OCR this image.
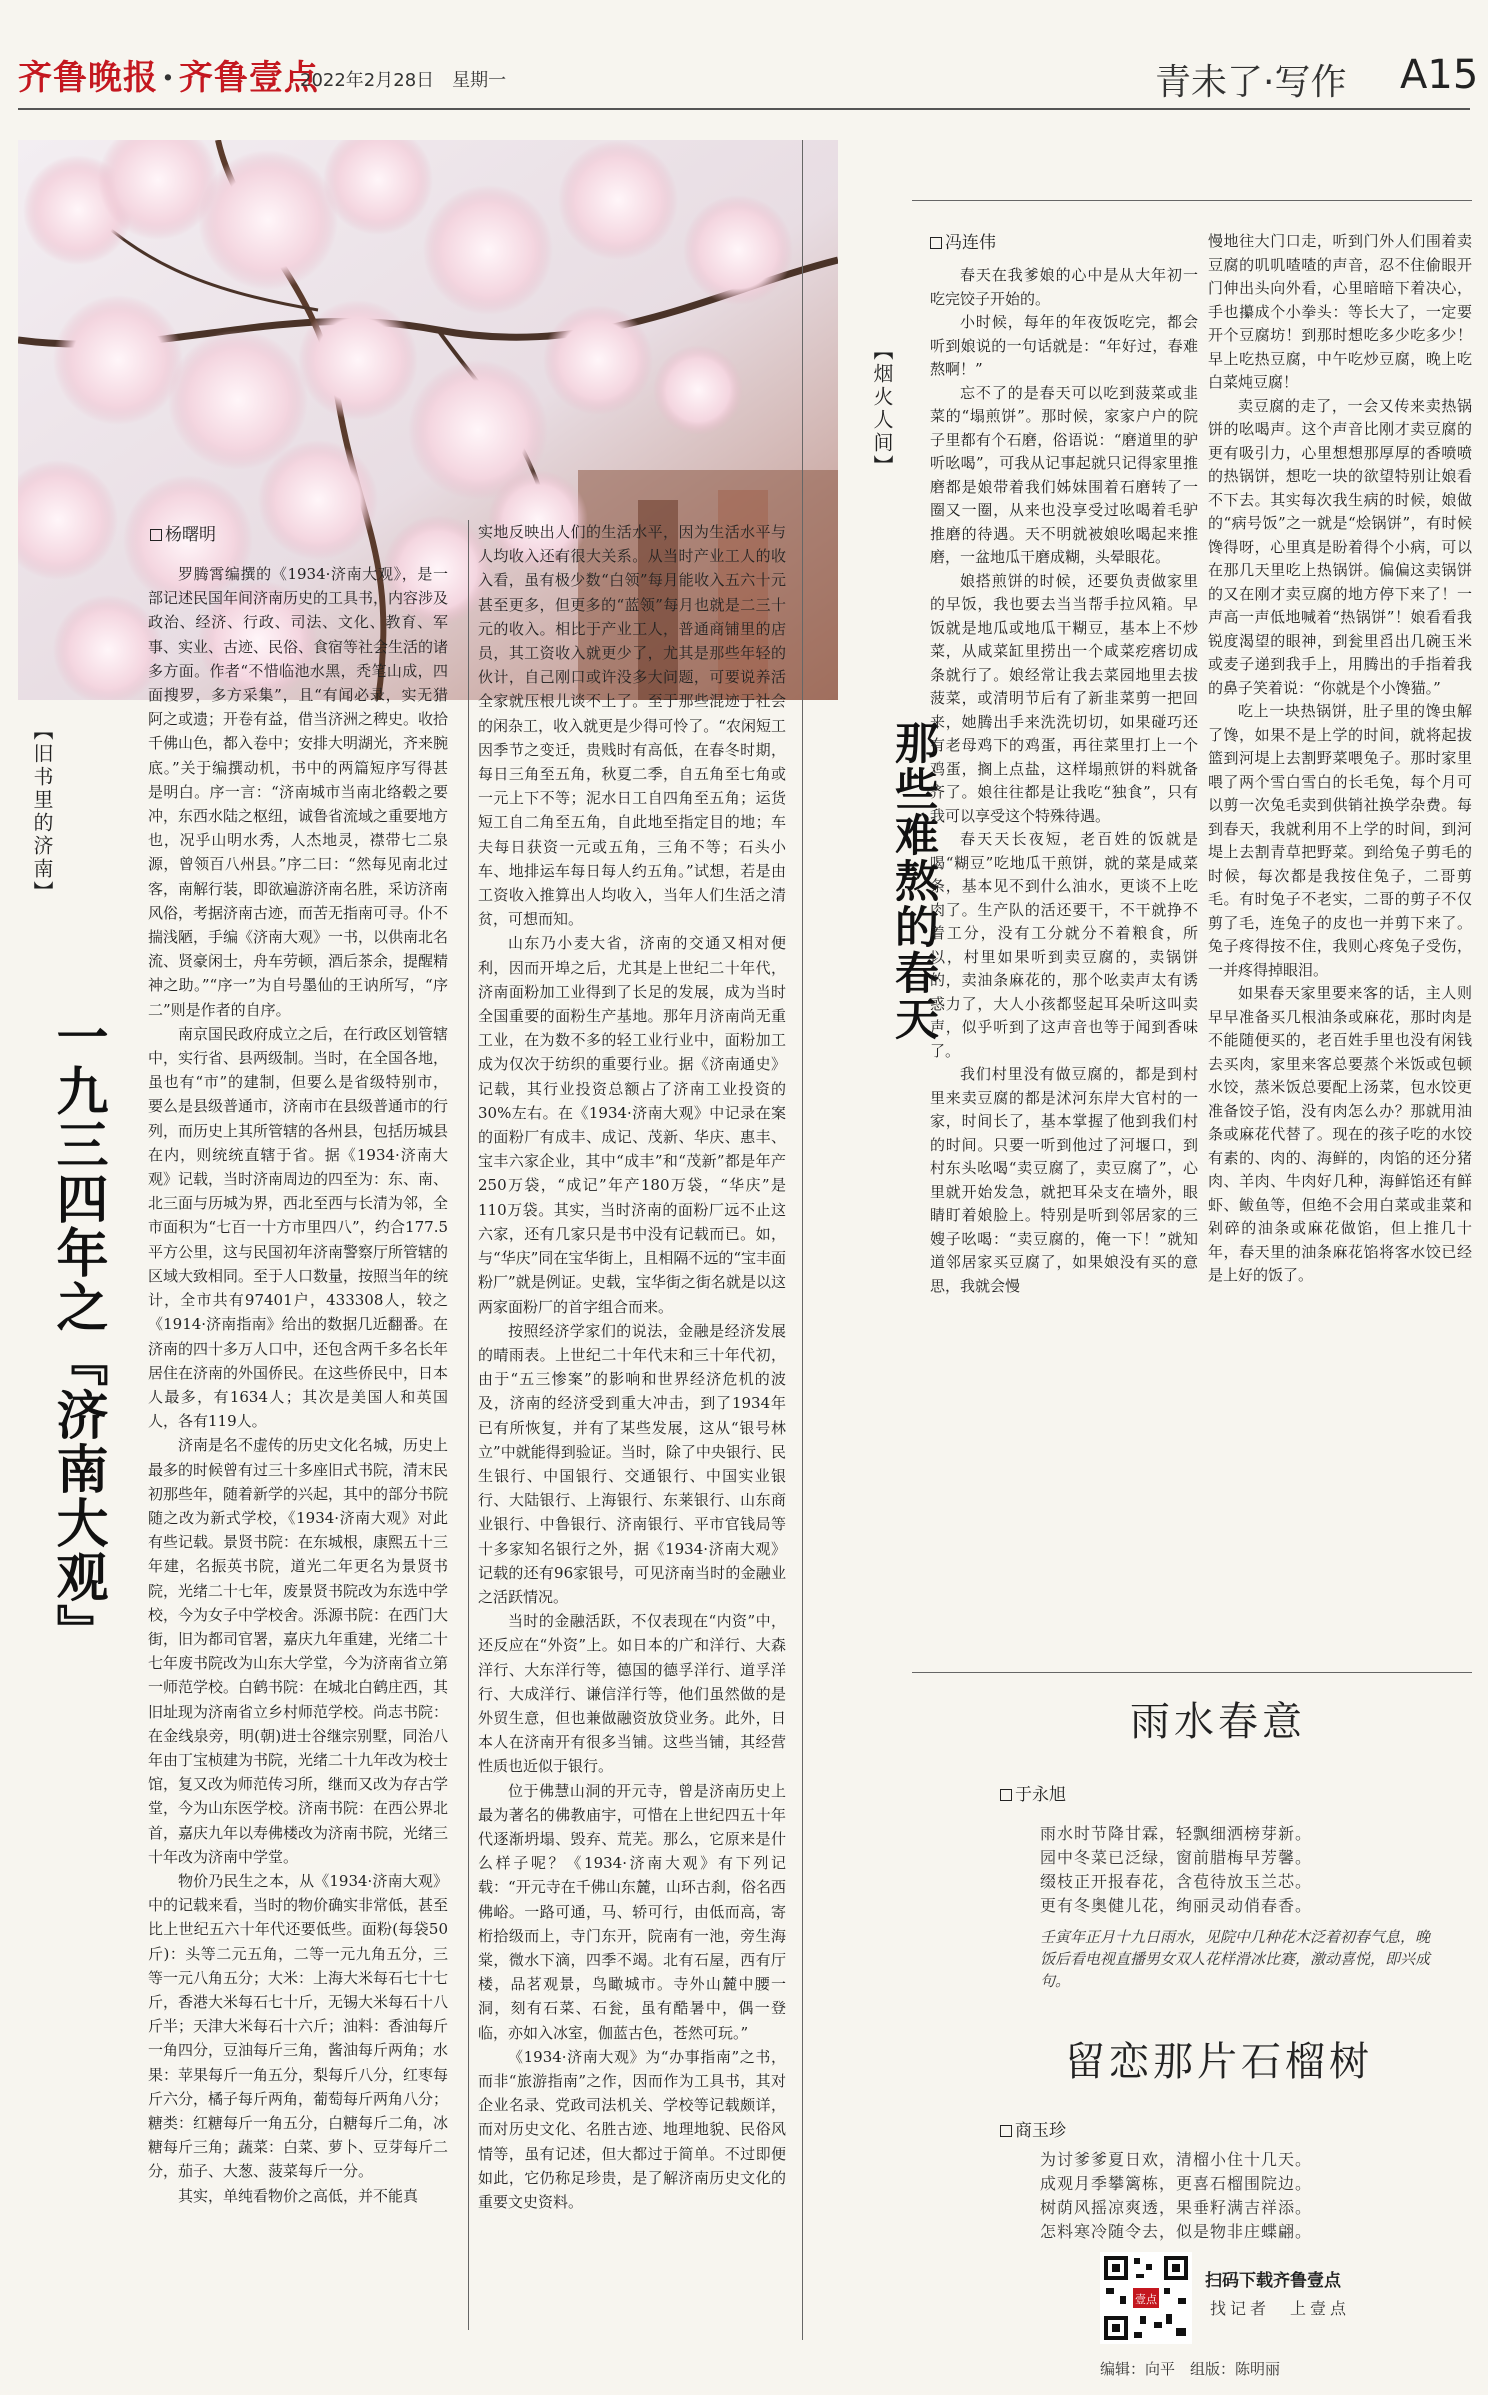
齐鲁晚报 · 齐鲁壹点
2022年2月28日　星期一	青未了·写作 A15
【旧书里的济南】
一九三四年之『济南大观』
杨曙明

罗腾霄编撰的《1934·济南大观》，是一部记述民国年间济南历史的工具书，内容涉及政治、经济、行政、司法、文化、教育、军事、实业、古迹、民俗、食宿等社会生活的诸多方面。作者“不惜临池水黑，秃笔山成，四面搜罗，多方采集”，且“有闻必录，实无猎阿之或遗；开卷有益，借当济洲之稗史。收拾千佛山色，都入卷中；安排大明湖光，齐来腕底。”关于编撰动机，书中的两篇短序写得甚是明白。序一言：“济南城市当南北络毂之要冲，东西水陆之枢纽，诚鲁省流域之重要地方也，况乎山明水秀，人杰地灵，襟带七二泉源，曾领百八州县。”序二曰：“然每见南北过客，南解行装，即欲遍游济南名胜，采访济南风俗，考据济南古迹，而苦无指南可寻。仆不揣浅陋，手编《济南大观》一书，以供南北名流、贤豪闲士，舟车劳顿，酒后茶余，提醒精神之助。”“序一”为自号墨仙的王讷所写，“序二”则是作者的自序。

南京国民政府成立之后，在行政区划管辖中，实行省、县两级制。当时，在全国各地，虽也有“市”的建制，但要么是省级特别市，要么是县级普通市，济南市在县级普通市的行列，而历史上其所管辖的各州县，包括历城县在内，则统统直辖于省。据《1934·济南大观》记载，当时济南周边的四至为：东、南、北三面与历城为界，西北至西与长清为邻，全市面积为“七百一十方市里四八”，约合177.5平方公里，这与民国初年济南警察厅所管辖的区域大致相同。至于人口数量，按照当年的统计，全市共有97401户，433308人，较之《1914·济南指南》给出的数据几近翻番。在济南的四十多万人口中，还包含两千多名长年居住在济南的外国侨民。在这些侨民中，日本人最多，有1634人；其次是美国人和英国人，各有119人。

济南是名不虚传的历史文化名城，历史上最多的时候曾有过三十多座旧式书院，清末民初那些年，随着新学的兴起，其中的部分书院随之改为新式学校，《1934·济南大观》对此有些记载。景贤书院：在东城根，康熙五十三年建，名振英书院，道光二年更名为景贤书院，光绪二十七年，废景贤书院改为东选中学校，今为女子中学校舍。泺源书院：在西门大街，旧为都司官署，嘉庆九年重建，光绪二十七年废书院改为山东大学堂，今为济南省立第一师范学校。白鹤书院：在城北白鹤庄西，其旧址现为济南省立乡村师范学校。尚志书院：在金线泉旁，明(朝)进士谷继宗别墅，同治八年由丁宝桢建为书院，光绪二十九年改为校士馆，复又改为师范传习所，继而又改为存古学堂，今为山东医学校。济南书院：在西公界北首，嘉庆九年以寿佛楼改为济南书院，光绪三十年改为济南中学堂。

物价乃民生之本，从《1934·济南大观》中的记载来看，当时的物价确实非常低，甚至比上世纪五六十年代还要低些。面粉(每袋50斤)：头等二元五角，二等一元九角五分，三等一元八角五分；大米：上海大米每石七十七斤，香港大米每石七十斤，无锡大米每石十八斤半；天津大米每石十六斤；油料：香油每斤一角四分，豆油每斤三角，酱油每斤两角；水果：苹果每斤一角五分，梨每斤八分，红枣每斤六分，橘子每斤两角，葡萄每斤两角八分；糖类：红糖每斤一角五分，白糖每斤二角，冰糖每斤三角；蔬菜：白菜、萝卜、豆芽每斤二分，茄子、大葱、菠菜每斤一分。

其实，单纯看物价之高低，并不能真

实地反映出人们的生活水平，因为生活水平与人均收入还有很大关系。从当时产业工人的收入看，虽有极少数“白领”每月能收入五六十元甚至更多，但更多的“蓝领”每月也就是二三十元的收入。相比于产业工人，普通商铺里的店员，其工资收入就更少了，尤其是那些年轻的伙计，自己刚口或许没多大问题，可要说养活全家就压根儿谈不上了。至于那些混迹于社会的闲杂工，收入就更是少得可怜了。“农闲短工因季节之变迁，贵贱时有高低，在春冬时期，每日三角至五角，秋夏二季，自五角至七角或一元上下不等；泥水日工自四角至五角；运货短工自二角至五角，自此地至指定目的地；车夫每日获资一元或五角，三角不等；石头小车、地排运车每日每人约五角。”试想，若是由工资收入推算出人均收入，当年人们生活之清贫，可想而知。

山东乃小麦大省，济南的交通又相对便利，因而开埠之后，尤其是上世纪二十年代，济南面粉加工业得到了长足的发展，成为当时全国重要的面粉生产基地。那年月济南尚无重工业，在为数不多的轻工业行业中，面粉加工成为仅次于纺织的重要行业。据《济南通史》记载，其行业投资总额占了济南工业投资的30%左右。在《1934·济南大观》中记录在案的面粉厂有成丰、成记、茂新、华庆、惠丰、宝丰六家企业，其中“成丰”和“茂新”都是年产250万袋，“成记”年产180万袋，“华庆”是110万袋。其实，当时济南的面粉厂远不止这六家，还有几家只是书中没有记载而已。如，与“华庆”同在宝华街上，且相隔不远的“宝丰面粉厂”就是例证。史载，宝华街之街名就是以这两家面粉厂的首字组合而来。

按照经济学家们的说法，金融是经济发展的晴雨表。上世纪二十年代末和三十年代初，由于“五三惨案”的影响和世界经济危机的波及，济南的经济受到重大冲击，到了1934年已有所恢复，并有了某些发展，这从“银号林立”中就能得到验证。当时，除了中央银行、民生银行、中国银行、交通银行、中国实业银行、大陆银行、上海银行、东莱银行、山东商业银行、中鲁银行、济南银行、平市官钱局等十多家知名银行之外，据《1934·济南大观》记载的还有96家银号，可见济南当时的金融业之活跃情况。

当时的金融活跃，不仅表现在“内资”中，还反应在“外资”上。如日本的广和洋行、大森洋行、大东洋行等，德国的德孚洋行、道孚洋行、大成洋行、谦信洋行等，他们虽然做的是外贸生意，但也兼做融资放贷业务。此外，日本人在济南开有很多当铺。这些当铺，其经营性质也近似于银行。

位于佛慧山洞的开元寺，曾是济南历史上最为著名的佛教庙宇，可惜在上世纪四五十年代逐渐坍塌、毁弃、荒芜。那么，它原来是什么样子呢？《1934·济南大观》有下列记载：“开元寺在千佛山东麓，山环古刹，俗名西佛峪。一路可通，马、轿可行，由低而高，寄桁拾级而上，寺门东开，院南有一池，旁生海棠，微水下滴，四季不竭。北有石屋，西有厅楼，品茗观景，鸟瞰城市。寺外山麓中腰一洞，刻有石菜、石瓮，虽有酷暑中，偶一登临，亦如入冰室，伽蓝古色，苍然可玩。”

《1934·济南大观》为“办事指南”之书，而非“旅游指南”之作，因而作为工具书，其对企业名录、党政司法机关、学校等记载颇详，而对历史文化、名胜古迹、地理地貌、民俗风情等，虽有记述，但大都过于简单。不过即便如此，它仍称足珍贵，是了解济南历史文化的重要文史资料。

【烟火人间】
那些难熬的春天
冯连伟

春天在我爹娘的心中是从大年初一吃完饺子开始的。

小时候，每年的年夜饭吃完，都会听到娘说的一句话就是：“年好过，春难熬啊！”

忘不了的是春天可以吃到菠菜或韭菜的“塌煎饼”。那时候，家家户户的院子里都有个石磨，俗语说：“磨道里的驴听吆喝”，可我从记事起就只记得家里推磨都是娘带着我们姊妹围着石磨转了一圈又一圈，从来也没享受过吆喝着毛驴推磨的待遇。天不明就被娘吆喝起来推磨，一盆地瓜干磨成糊，头晕眼花。

娘搭煎饼的时候，还要负责做家里的早饭，我也要去当当帮手拉风箱。早饭就是地瓜或地瓜干糊豆，基本上不炒菜，从咸菜缸里捞出一个咸菜疙瘩切成条就行了。娘经常让我去菜园地里去拔菠菜，或清明节后有了新韭菜剪一把回来，她腾出手来洗洗切切，如果碰巧还有老母鸡下的鸡蛋，再往菜里打上一个鸡蛋，搁上点盐，这样塌煎饼的料就备齐了。娘往往都是让我吃“独食”，只有我可以享受这个特殊待遇。

春天天长夜短，老百姓的饭就是喝“糊豆”吃地瓜干煎饼，就的菜是咸菜条，基本见不到什么油水，更谈不上吃肉了。生产队的活还要干，不干就挣不着工分，没有工分就分不着粮食，所以，村里如果听到卖豆腐的，卖锅饼的，卖油条麻花的，那个吆卖声太有诱惑力了，大人小孩都竖起耳朵听这叫卖声，似乎听到了这声音也等于闻到香味了。

我们村里没有做豆腐的，都是到村里来卖豆腐的都是沭河东岸大官村的一家，时间长了，基本掌握了他到我们村的时间。只要一听到他过了河堰口，到村东头吆喝“卖豆腐了，卖豆腐了”，心里就开始发急，就把耳朵支在墙外，眼睛盯着娘脸上。特别是听到邻居家的三嫂子吆喝：“卖豆腐的，俺一下！”就知道邻居家买豆腐了，如果娘没有买的意思，我就会慢

慢地往大门口走，听到门外人们围着卖豆腐的叽叽喳喳的声音，忍不住偷眼开门伸出头向外看，心里暗暗下着决心，手也攥成个小拳头：等长大了，一定要开个豆腐坊！到那时想吃多少吃多少！早上吃热豆腐，中午吃炒豆腐，晚上吃白菜炖豆腐！

卖豆腐的走了，一会又传来卖热锅饼的吆喝声。这个声音比刚才卖豆腐的更有吸引力，心里想想那厚厚的香喷喷的热锅饼，想吃一块的欲望特别让娘看不下去。其实每次我生病的时候，娘做的“病号饭”之一就是“烩锅饼”，有时候馋得呀，心里真是盼着得个小病，可以在那几天里吃上热锅饼。偏偏这卖锅饼的又在刚才卖豆腐的地方停下来了！一声高一声低地喊着“热锅饼”！娘看看我锐度渴望的眼神，到瓮里舀出几碗玉米或麦子递到我手上，用腾出的手指着我的鼻子笑着说：“你就是个小馋猫。”

吃上一块热锅饼，肚子里的馋虫解了馋，如果不是上学的时间，就将起拔篮到河堤上去割野菜喂兔子。那时家里喂了两个雪白雪白的长毛兔，每个月可以剪一次兔毛卖到供销社换学杂费。每到春天，我就利用不上学的时间，到河堤上去割青草把野菜。到给兔子剪毛的时候，每次都是我按住兔子，二哥剪毛。有时兔子不老实，二哥的剪子不仅剪了毛，连兔子的皮也一并剪下来了。兔子疼得按不住，我则心疼兔子受伤，一并疼得掉眼泪。

如果春天家里要来客的话，主人则早早准备买几根油条或麻花，那时肉是不能随便买的，老百姓手里也没有闲钱去买肉，家里来客总要蒸个米饭或包顿水饺，蒸米饭总要配上汤菜，包水饺更准备饺子馅，没有肉怎么办？那就用油条或麻花代替了。现在的孩子吃的水饺有素的、肉的、海鲜的，肉馅的还分猪肉、羊肉、牛肉好几种，海鲜馅还有鲜虾、鲅鱼等，但绝不会用白菜或韭菜和剁碎的油条或麻花做馅，但上推几十年，春天里的油条麻花馅将客水饺已经是上好的饭了。

雨水春意
于永旭
雨水时节降甘霖，轻飘细洒榜芽新。
园中冬菜已泛绿，窗前腊梅早芳馨。
缀枝正开报春花，含苞待放玉兰芯。
更有冬奥健儿花，绚丽灵动俏春香。
壬寅年正月十九日雨水，见院中几种花木泛着初春气息，晚饭后看电视直播男女双人花样滑冰比赛，激动喜悦，即兴成句。
留恋那片石榴树
商玉珍
为讨爹爹夏日欢，清榴小住十几天。
成观月季攀篱栋，更喜石榴围院边。
树荫风摇凉爽透，果垂籽满吉祥添。
怎料寒冷随令去，似是物非庄蝶翩。
壹点
扫码下载齐鲁壹点
找记者　上壹点
编辑：向平　组版：陈明丽
